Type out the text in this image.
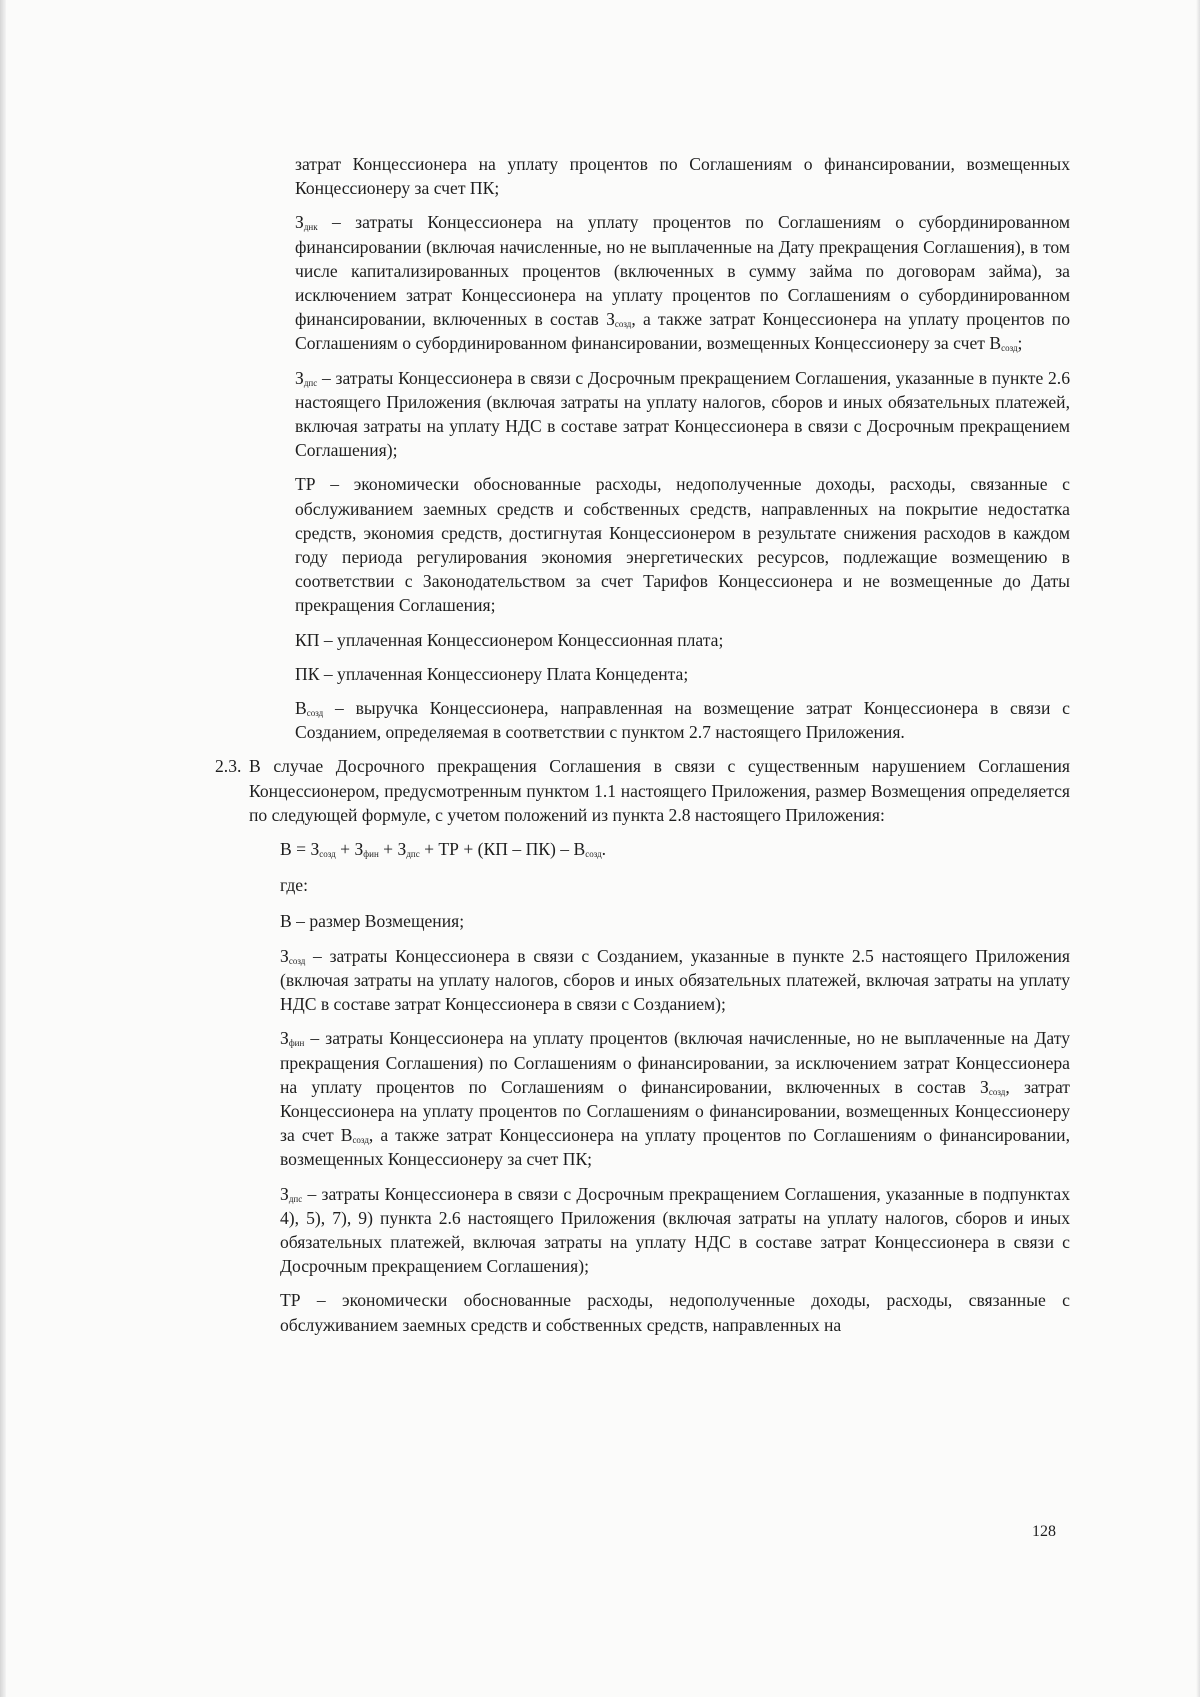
затрат Концессионера на уплату процентов по Соглашениям о финансировании, возмещенных Концессионеру за счет ПК;

$З_{днк}$ – затраты Концессионера на уплату процентов по Соглашениям о субординированном финансировании (включая начисленные, но не выплаченные на Дату прекращения Соглашения), в том числе капитализированных процентов (включенных в сумму займа по договорам займа), за исключением затрат Концессионера на уплату процентов по Соглашениям о субординированном финансировании, включенных в состав $З_{созд}$, а также затрат Концессионера на уплату процентов по Соглашениям о субординированном финансировании, возмещенных Концессионеру за счет $В_{созд}$;

$З_{дпс}$ – затраты Концессионера в связи с Досрочным прекращением Соглашения, указанные в пункте 2.6 настоящего Приложения (включая затраты на уплату налогов, сборов и иных обязательных платежей, включая затраты на уплату НДС в составе затрат Концессионера в связи с Досрочным прекращением Соглашения);

ТР – экономически обоснованные расходы, недополученные доходы, расходы, связанные с обслуживанием заемных средств и собственных средств, направленных на покрытие недостатка средств, экономия средств, достигнутая Концессионером в результате снижения расходов в каждом году периода регулирования экономия энергетических ресурсов, подлежащие возмещению в соответствии с Законодательством за счет Тарифов Концессионера и не возмещенные до Даты прекращения Соглашения;

КП – уплаченная Концессионером Концессионная плата;

ПК – уплаченная Концессионеру Плата Концедента;

$В_{созд}$ – выручка Концессионера, направленная на возмещение затрат Концессионера в связи с Созданием, определяемая в соответствии с пунктом 2.7 настоящего Приложения.

2.3. В случае Досрочного прекращения Соглашения в связи с существенным нарушением Соглашения Концессионером, предусмотренным пунктом 1.1 настоящего Приложения, размер Возмещения определяется по следующей формуле, с учетом положений из пункта 2.8 настоящего Приложения:

$В = З_{созд} + З_{фин} + З_{дпс}$ + ТР + $(КП - ПК) - В_{созд}$.

где:

В – размер Возмещения;

$З_{созд}$ – затраты Концессионера в связи с Созданием, указанные в пункте 2.5 настоящего Приложения (включая затраты на уплату налогов, сборов и иных обязательных платежей, включая затраты на уплату НДС в составе затрат Концессионера в связи с Созданием);

$З_{фин}$ – затраты Концессионера на уплату процентов (включая начисленные, но не выплаченные на Дату прекращения Соглашения) по Соглашениям о финансировании, за исключением затрат Концессионера на уплату процентов по Соглашениям о финансировании, включенных в состав $З_{созд}$, затрат Концессионера на уплату процентов по Соглашениям о финансировании, возмещенных Концессионеру за счет $В_{созд}$, а также затрат Концессионера на уплату процентов по Соглашениям о финансировании, возмещенных Концессионеру за счет ПК;

$З_{дпс}$ – затраты Концессионера в связи с Досрочным прекращением Соглашения, указанные в подпунктах 4), 5), 7), 9) пункта 2.6 настоящего Приложения (включая затраты на уплату налогов, сборов и иных обязательных платежей, включая затраты на уплату НДС в составе затрат Концессионера в связи с Досрочным прекращением Соглашения);

ТР – экономически обоснованные расходы, недополученные доходы, расходы, связанные с обслуживанием заемных средств и собственных средств, направленных на

128
